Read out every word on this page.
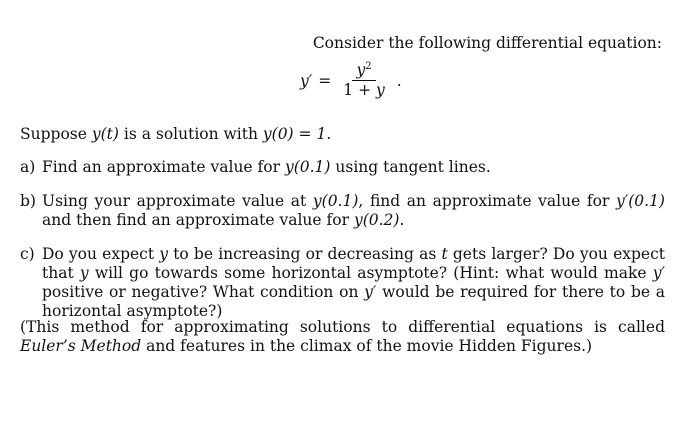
Consider the following differential equation:

$y' = \frac{y^2}{1 + y}$ .

Suppose y(t) is a solution with y(0) = 1.

a) Find an approximate value for y(0.1) using tangent lines.
b) Using your approximate value at y(0.1), find an approximate value for y′(0.1) and then find an approximate value for y(0.2).
c) Do you expect y to be increasing or decreasing as t gets larger? Do you expect that y will go towards some horizontal asymptote? (Hint: what would make y′ positive or negative? What condition on y′ would be required for there to be a horizontal asymptote?)

(This method for approximating solutions to differential equations is called Euler’s Method and features in the climax of the movie Hidden Figures.)
